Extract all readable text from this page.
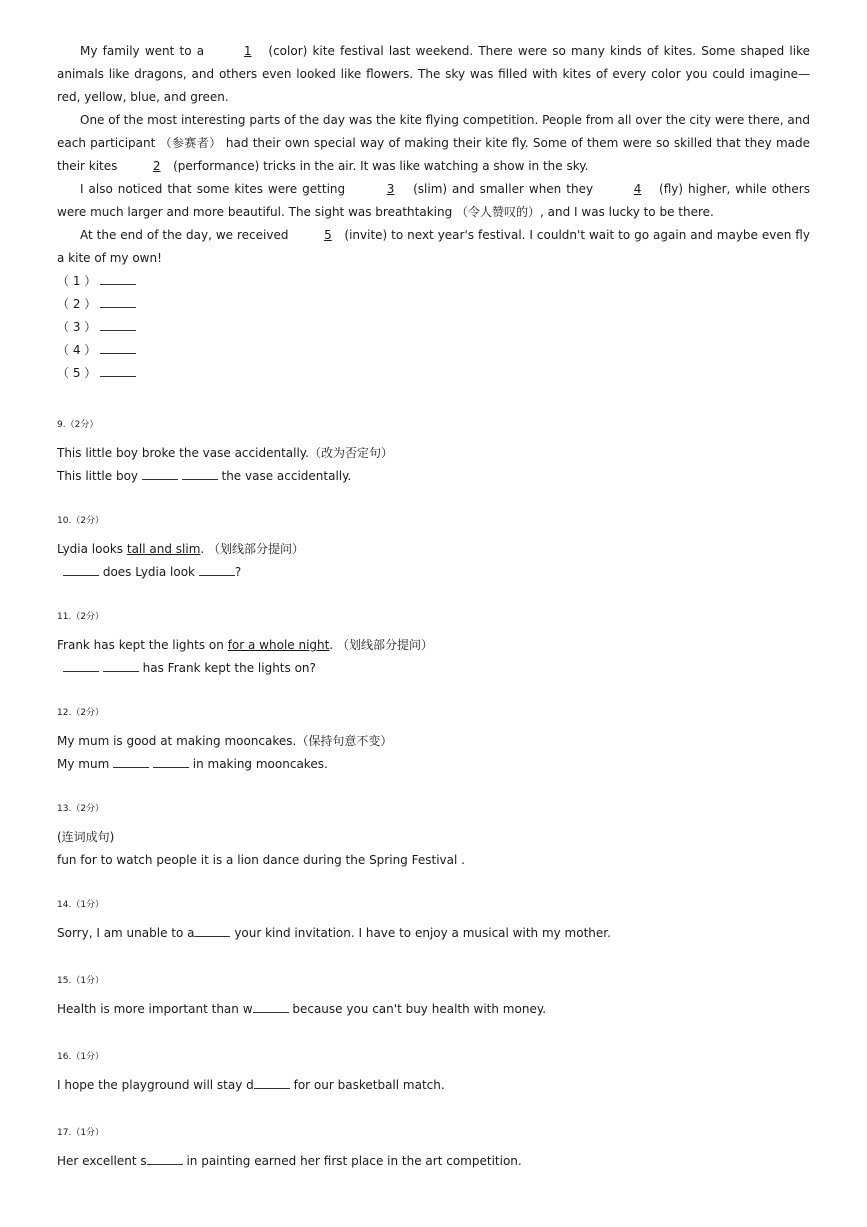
My family went to a	1 (color) kite festival last weekend. There were so many kinds of kites. Some shaped like animals like dragons, and others even looked like flowers. The sky was filled with kites of every color you could imagine—red, yellow, blue, and green.

One of the most interesting parts of the day was the kite flying competition. People from all over the city were there, and each participant （参赛者） had their own special way of making their kite fly. Some of them were so skilled that they made their kites	2 (performance) tricks in the air. It was like watching a show in the sky.

I also noticed that some kites were getting	3 (slim) and smaller when they	4 (fly) higher, while others were much larger and more beautiful. The sight was breathtaking （令人赞叹的）, and I was lucky to be there.

At the end of the day, we received	5 (invite) to next year's festival. I couldn't wait to go again and maybe even fly a kite of my own!

（ 1 ）

（ 2 ）

（ 3 ）

（ 4 ）

（ 5 ）

9.（2分）

This little boy broke the vase accidentally.（改为否定句）

This little boy	the vase accidentally.

10.（2分）

Lydia looks tall and slim. （划线部分提问）

does Lydia look	?

11.（2分）

Frank has kept the lights on for a whole night. （划线部分提问）

has Frank kept the lights on?

12.（2分）

My mum is good at making mooncakes.（保持句意不变）

My mum	in making mooncakes.

13.（2分）

(连词成句)

fun for to watch people it is a lion dance during the Spring Festival .

14.（1分）

Sorry, I am unable to a	your kind invitation. I have to enjoy a musical with my mother.

15.（1分）

Health is more important than w	because you can't buy health with money.

16.（1分）

I hope the playground will stay d	for our basketball match.

17.（1分）

Her excellent s	in painting earned her first place in the art competition.
